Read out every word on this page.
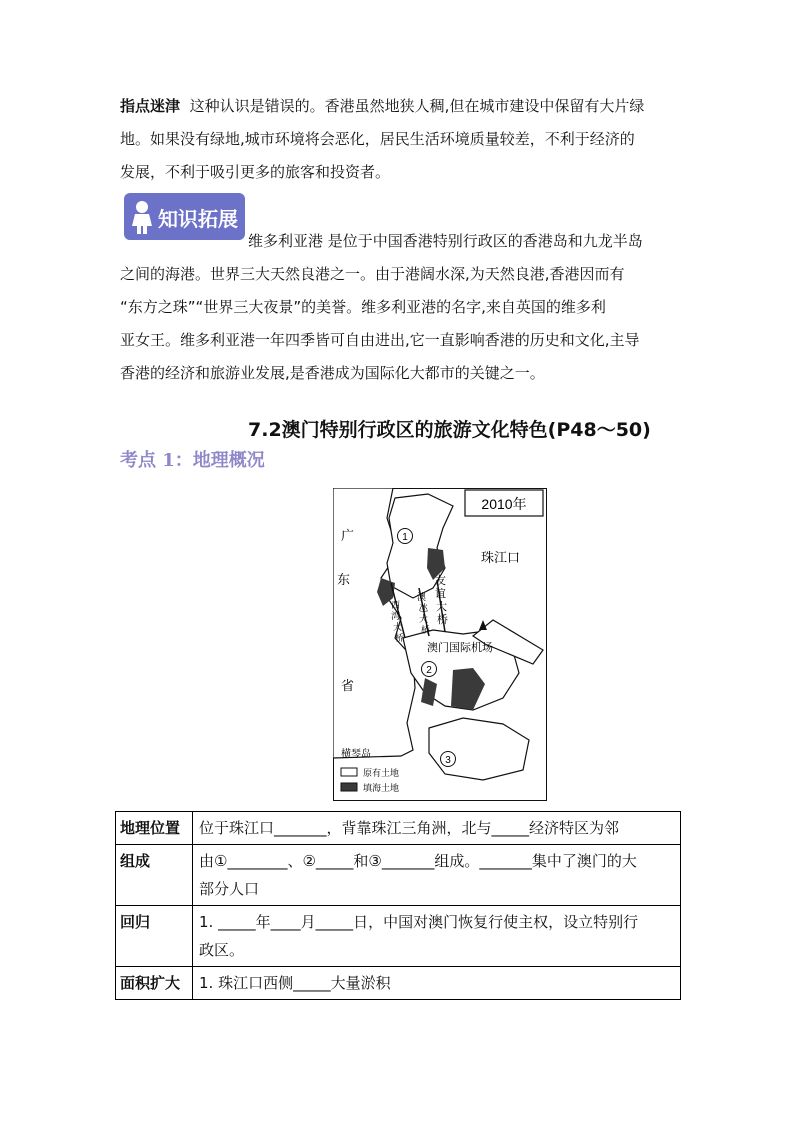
指点迷津 这种认识是错误的。香港虽然地狭人稠,但在城市建设中保留有大片绿
地。如果没有绿地,城市环境将会恶化，居民生活环境质量较差，不利于经济的
发展，不利于吸引更多的旅客和投资者。
知识拓展
维多利亚港 是位于中国香港特别行政区的香港岛和九龙半岛
之间的海港。世界三大天然良港之一。由于港阔水深,为天然良港,香港因而有
“东方之珠”“世界三大夜景”的美誉。维多利亚港的名字,来自英国的维多利
亚女王。维多利亚港一年四季皆可自由进出,它一直影响香港的历史和文化,主导
香港的经济和旅游业发展,是香港成为国际化大都市的关键之一。
7.2澳门特别行政区的旅游文化特色(P48～50)
考点 1：地理概况
2010年
珠江口
广
东
省
西
湾
大
桥
澳
氹
大
桥
友
谊
大
桥
澳门国际机场
1
2
3
横琴岛
原有土地
填海土地
地理位置	位于珠江口_______，背靠珠江三角洲，北与_____经济特区为邻

组成	由①________、②_____和③_______组成。_______集中了澳门的大
部分人口

回归	1. _____年____月_____日，中国对澳门恢复行使主权，设立特别行
政区。

面积扩大	1. 珠江口西侧_____大量淤积
